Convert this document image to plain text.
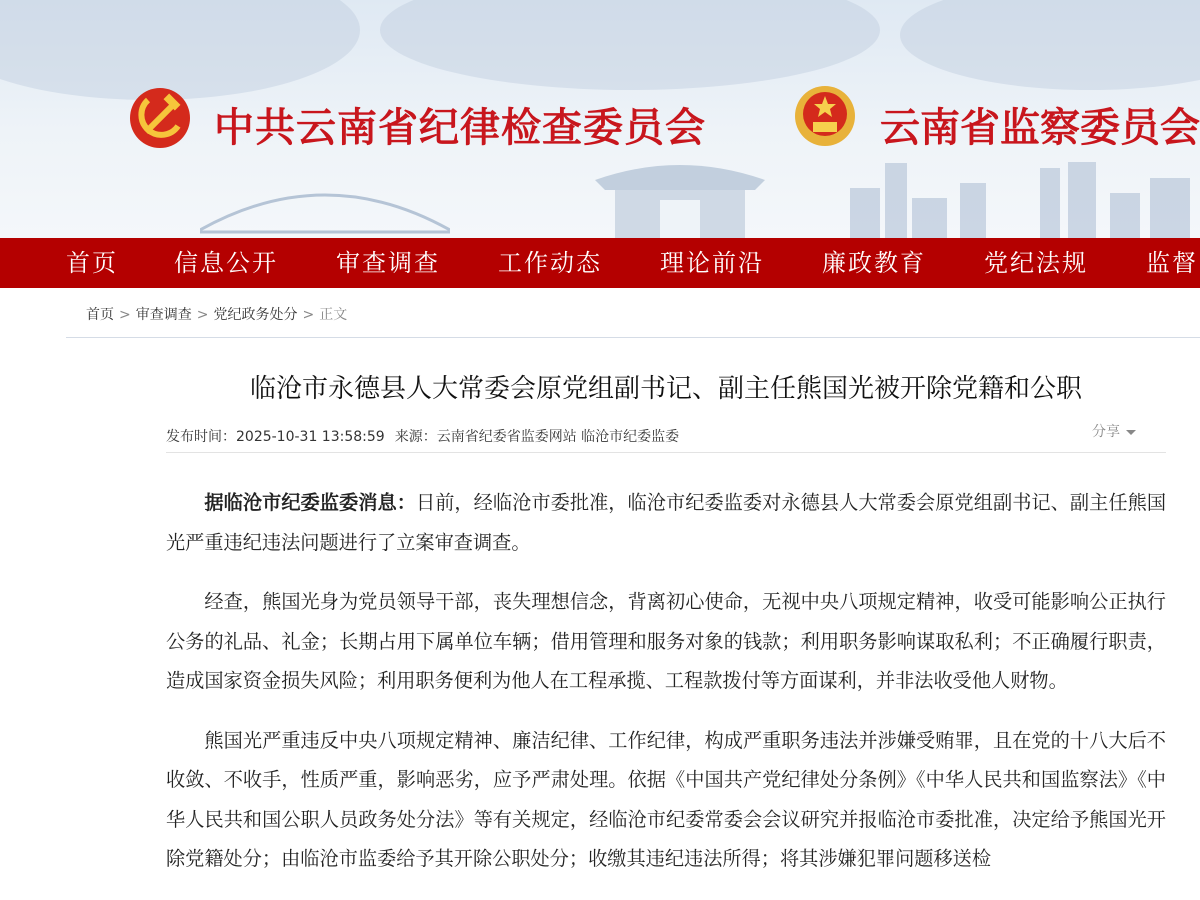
中共云南省纪律检查委员会	云南省监察委员会
首页 信息公开 审查调查 工作动态 理论前沿 廉政教育 党纪法规 监督
首页 > 审查调查 > 党纪政务处分 > 正文
临沧市永德县人大常委会原党组副书记、副主任熊国光被开除党籍和公职
发布时间：2025-10-31 13:58:59 来源：云南省纪委省监委网站 临沧市纪委监委	分享

据临沧市纪委监委消息：日前，经临沧市委批准，临沧市纪委监委对永德县人大常委会原党组副书记、副主任熊国光严重违纪违法问题进行了立案审查调查。

经查，熊国光身为党员领导干部，丧失理想信念，背离初心使命，无视中央八项规定精神，收受可能影响公正执行公务的礼品、礼金；长期占用下属单位车辆；借用管理和服务对象的钱款；利用职务影响谋取私利；不正确履行职责，造成国家资金损失风险；利用职务便利为他人在工程承揽、工程款拨付等方面谋利，并非法收受他人财物。

熊国光严重违反中央八项规定精神、廉洁纪律、工作纪律，构成严重职务违法并涉嫌受贿罪，且在党的十八大后不收敛、不收手，性质严重，影响恶劣，应予严肃处理。依据《中国共产党纪律处分条例》《中华人民共和国监察法》《中华人民共和国公职人员政务处分法》等有关规定，经临沧市纪委常委会会议研究并报临沧市委批准，决定给予熊国光开除党籍处分；由临沧市监委给予其开除公职处分；收缴其违纪违法所得；将其涉嫌犯罪问题移送检
